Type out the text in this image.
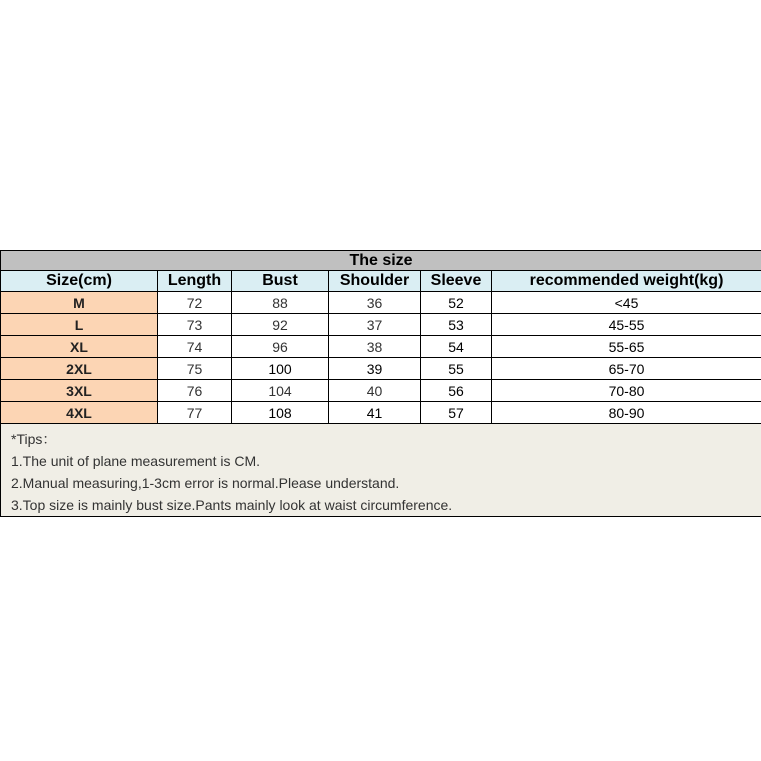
The size					
Size(cm)	Length	Bust	Shoulder	Sleeve	recommended weight(kg)
M	72	88	36	52	<45
L	73	92	37	53	45-55
XL	74	96	38	54	55-65
2XL	75	100	39	55	65-70
3XL	76	104	40	56	70-80
4XL	77	108	41	57	80-90

*Tips：
1.The unit of plane measurement is CM.
2.Manual measuring,1-3cm error is normal.Please understand.
3.Top size is mainly bust size.Pants mainly look at waist circumference.					
